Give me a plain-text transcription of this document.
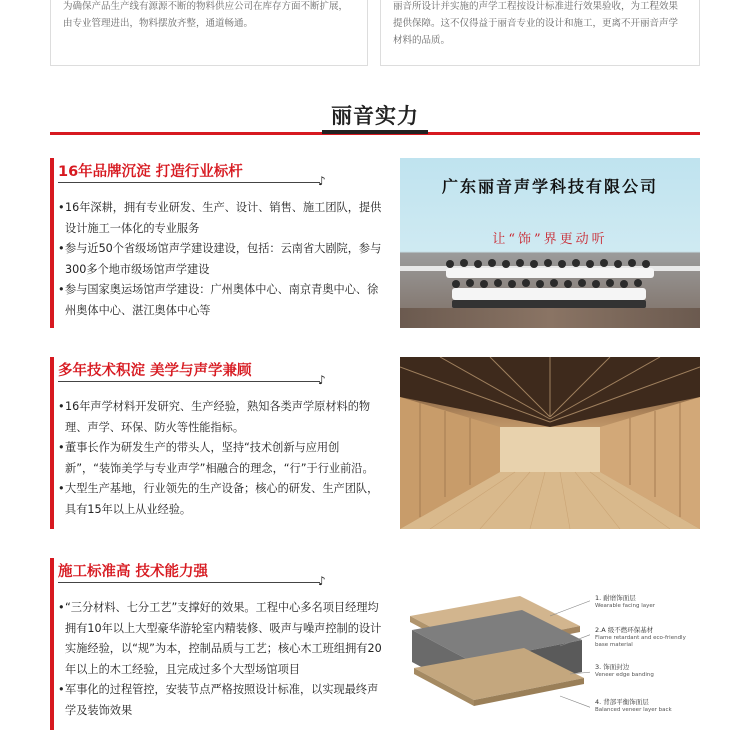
为确保产品生产线有源源不断的物料供应公司在库存方面不断扩展，
由专业管理进出，物料摆放齐整，通道畅通。

丽音所设计并实施的声学工程按设计标准进行效果验收，为工程效果
提供保障。这不仅得益于丽音专业的设计和施工，更离不开丽音声学
材料的品质。

丽音实力
16年品牌沉淀 打造行业标杆
♪
• 16年深耕，拥有专业研发、生产、设计、销售、施工团队，提供设计施工一体化的专业服务
• 参与近50个省级场馆声学建设建设，包括：云南省大剧院，参与300多个地市级场馆声学建设
• 参与国家奥运场馆声学建设：广州奥体中心、南京青奥中心、徐州奥体中心、湛江奥体中心等
广东丽音声学科技有限公司
让“饰”界更动听
多年技术积淀 美学与声学兼顾
♪
• 16年声学材料开发研究、生产经验，熟知各类声学原材料的物理、声学、环保、防火等性能指标。
• 董事长作为研发生产的带头人，坚持“技术创新与应用创新”，“装饰美学与专业声学”相融合的理念，“行”于行业前沿。
• 大型生产基地，行业领先的生产设备；核心的研发、生产团队，具有15年以上从业经验。
施工标准高 技术能力强
♪
• “三分材料、七分工艺”支撑好的效果。工程中心多名项目经理均拥有10年以上大型豪华游轮室内精装修、吸声与噪声控制的设计实施经验，以“规”为本，控制品质与工艺；核心木工班组拥有20年以上的木工经验，且完成过多个大型场馆项目
• 军事化的过程管控，安装节点严格按照设计标准，以实现最终声学及装饰效果
1. 耐磨饰面层
Wearable facing layer
2.A 级不燃环保基材
Flame retardant and eco-friendly base material
3. 饰面封边
Veneer edge banding
4. 背部平衡饰面层
Balanced veneer layer back
